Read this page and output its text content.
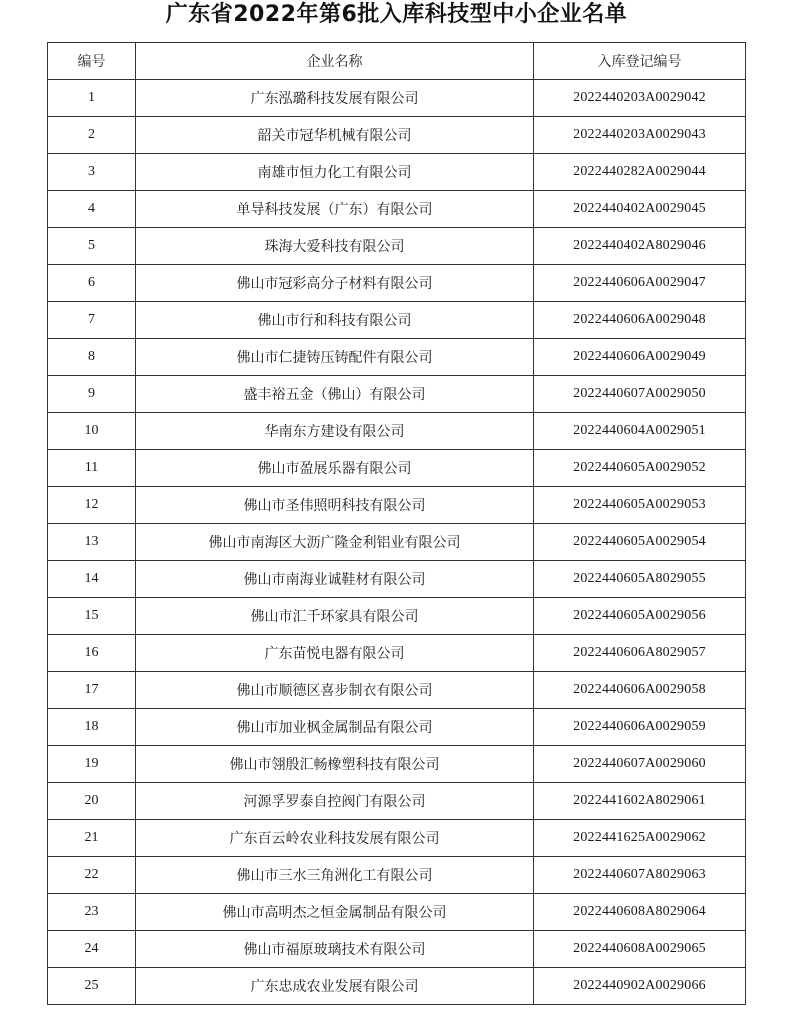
广东省2022年第6批入库科技型中小企业名单
编号	企业名称	入库登记编号
1	广东泓璐科技发展有限公司	2022440203A0029042
2	韶关市冠华机械有限公司	2022440203A0029043
3	南雄市恒力化工有限公司	2022440282A0029044
4	单导科技发展（广东）有限公司	2022440402A0029045
5	珠海大爱科技有限公司	2022440402A8029046
6	佛山市冠彩高分子材料有限公司	2022440606A0029047
7	佛山市行和科技有限公司	2022440606A0029048
8	佛山市仁捷铸压铸配件有限公司	2022440606A0029049
9	盛丰裕五金（佛山）有限公司	2022440607A0029050
10	华南东方建设有限公司	2022440604A0029051
11	佛山市盈展乐器有限公司	2022440605A0029052
12	佛山市圣伟照明科技有限公司	2022440605A0029053
13	佛山市南海区大沥广隆金利铝业有限公司	2022440605A0029054
14	佛山市南海业诚鞋材有限公司	2022440605A8029055
15	佛山市汇千环家具有限公司	2022440605A0029056
16	广东苗悦电器有限公司	2022440606A8029057
17	佛山市顺德区喜步制衣有限公司	2022440606A0029058
18	佛山市加业枫金属制品有限公司	2022440606A0029059
19	佛山市翎殷汇畅橡塑科技有限公司	2022440607A0029060
20	河源孚罗泰自控阀门有限公司	2022441602A8029061
21	广东百云岭农业科技发展有限公司	2022441625A0029062
22	佛山市三水三角洲化工有限公司	2022440607A8029063
23	佛山市高明杰之恒金属制品有限公司	2022440608A8029064
24	佛山市福原玻璃技术有限公司	2022440608A0029065
25	广东忠成农业发展有限公司	2022440902A0029066
